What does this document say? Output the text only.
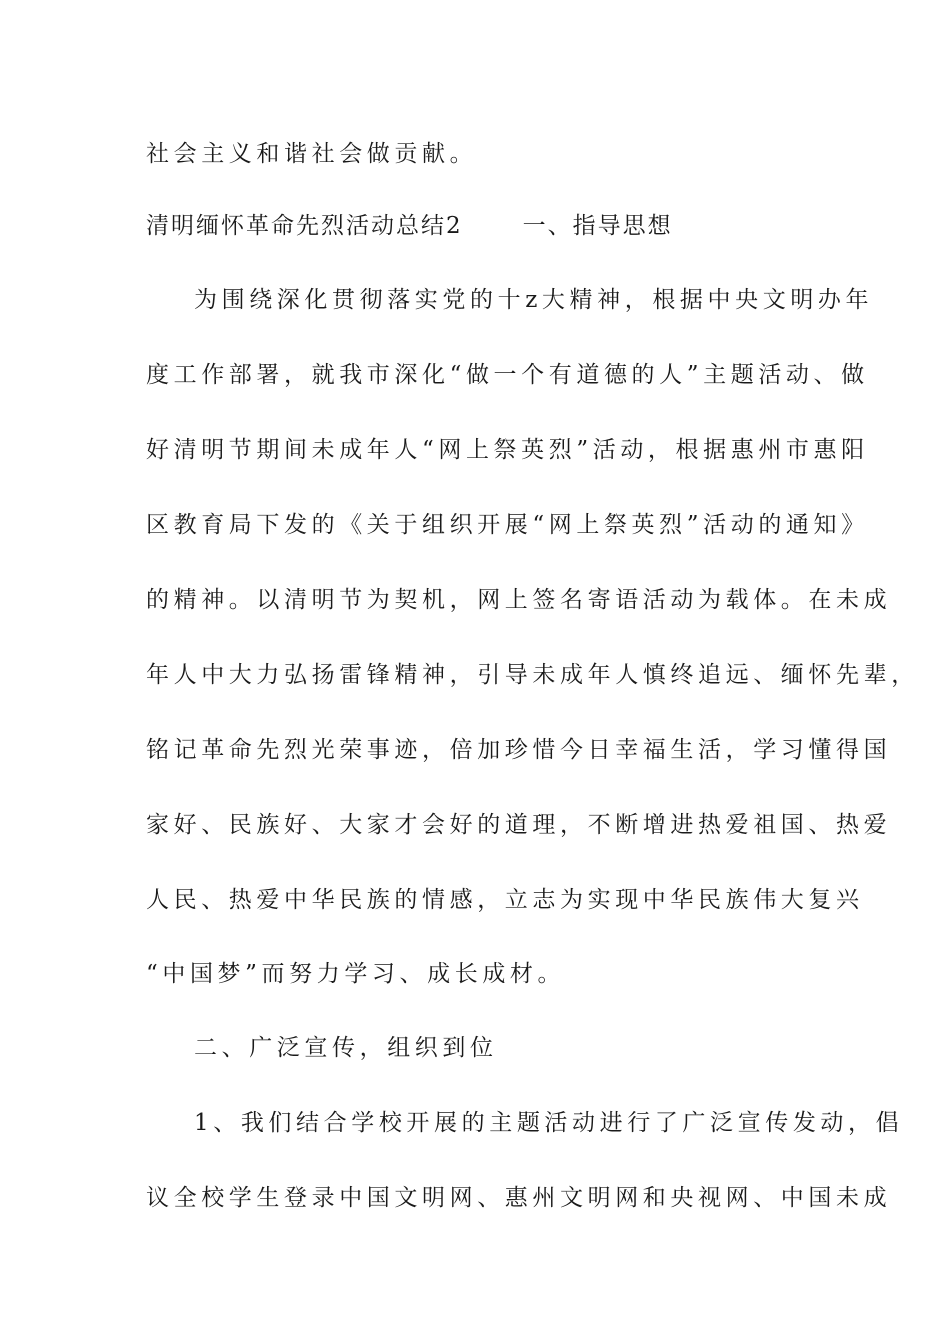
社会主义和谐社会做贡献。
清明缅怀革命先烈活动总结2	一、指导思想
为围绕深化贯彻落实党的十z大精神，根据中央文明办年
度工作部署，就我市深化“做一个有道德的人”主题活动、做
好清明节期间未成年人“网上祭英烈”活动，根据惠州市惠阳
区教育局下发的《关于组织开展“网上祭英烈”活动的通知》
的精神。以清明节为契机，网上签名寄语活动为载体。在未成
年人中大力弘扬雷锋精神，引导未成年人慎终追远、缅怀先辈，
铭记革命先烈光荣事迹，倍加珍惜今日幸福生活，学习懂得国
家好、民族好、大家才会好的道理，不断增进热爱祖国、热爱
人民、热爱中华民族的情感，立志为实现中华民族伟大复兴
“中国梦”而努力学习、成长成材。
二、广泛宣传，组织到位
1、我们结合学校开展的主题活动进行了广泛宣传发动，倡
议全校学生登录中国文明网、惠州文明网和央视网、中国未成
